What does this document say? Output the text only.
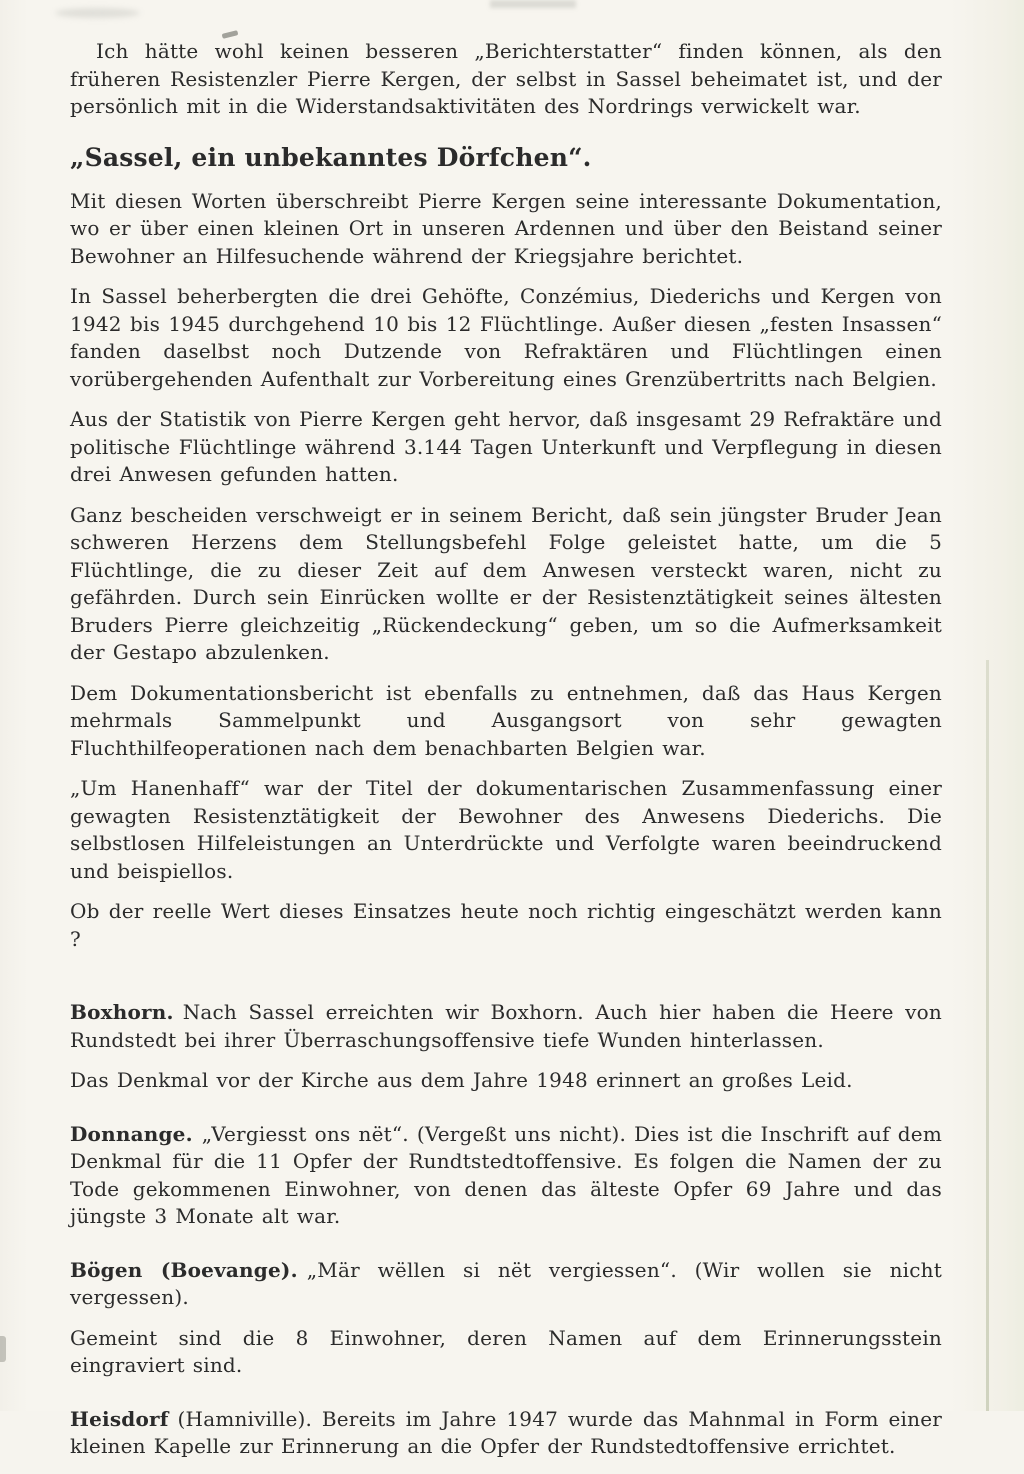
Ich hätte wohl keinen besseren „Berichterstatter“ finden können, als den früheren Resistenzler Pierre Kergen, der selbst in Sassel beheimatet ist, und der persönlich mit in die Widerstandsaktivitäten des Nordrings verwickelt war.

„Sassel, ein unbekanntes Dörfchen“.

Mit diesen Worten überschreibt Pierre Kergen seine interessante Dokumentation, wo er über einen kleinen Ort in unseren Ardennen und über den Beistand seiner Bewohner an Hilfesuchende während der Kriegsjahre berichtet.

In Sassel beherbergten die drei Gehöfte, Conzémius, Diederichs und Kergen von 1942 bis 1945 durchgehend 10 bis 12 Flüchtlinge. Außer diesen „festen Insassen“ fanden daselbst noch Dutzende von Refraktären und Flüchtlingen einen vorübergehenden Aufenthalt zur Vorbereitung eines Grenzübertritts nach Belgien.

Aus der Statistik von Pierre Kergen geht hervor, daß insgesamt 29 Refraktäre und politische Flüchtlinge während 3.144 Tagen Unterkunft und Verpflegung in diesen drei Anwesen gefunden hatten.

Ganz bescheiden verschweigt er in seinem Bericht, daß sein jüngster Bruder Jean schweren Herzens dem Stellungsbefehl Folge geleistet hatte, um die 5 Flüchtlinge, die zu dieser Zeit auf dem Anwesen versteckt waren, nicht zu gefährden. Durch sein Einrücken wollte er der Resistenztätigkeit seines ältesten Bruders Pierre gleichzeitig „Rückendeckung“ geben, um so die Aufmerksamkeit der Gestapo abzulenken.

Dem Dokumentationsbericht ist ebenfalls zu entnehmen, daß das Haus Kergen mehrmals Sammelpunkt und Ausgangsort von sehr gewagten Fluchthilfeoperationen nach dem benachbarten Belgien war.

„Um Hanenhaff“ war der Titel der dokumentarischen Zusammenfassung einer gewagten Resistenztätigkeit der Bewohner des Anwesens Diederichs. Die selbstlosen Hilfeleistungen an Unterdrückte und Verfolgte waren beeindruckend und beispiellos.

Ob der reelle Wert dieses Einsatzes heute noch richtig eingeschätzt werden kann ?

Boxhorn. Nach Sassel erreichten wir Boxhorn. Auch hier haben die Heere von Rundstedt bei ihrer Überraschungsoffensive tiefe Wunden hinterlassen.

Das Denkmal vor der Kirche aus dem Jahre 1948 erinnert an großes Leid.

Donnange. „Vergiesst ons nët“. (Vergeßt uns nicht). Dies ist die Inschrift auf dem Denkmal für die 11 Opfer der Rundtstedtoffensive. Es folgen die Namen der zu Tode gekommenen Einwohner, von denen das älteste Opfer 69 Jahre und das jüngste 3 Monate alt war.

Bögen (Boevange). „Mär wëllen si nët vergiessen“. (Wir wollen sie nicht vergessen).

Gemeint sind die 8 Einwohner, deren Namen auf dem Erinnerungsstein eingraviert sind.

Heisdorf (Hamniville). Bereits im Jahre 1947 wurde das Mahnmal in Form einer kleinen Kapelle zur Erinnerung an die Opfer der Rundstedtoffensive errichtet.
